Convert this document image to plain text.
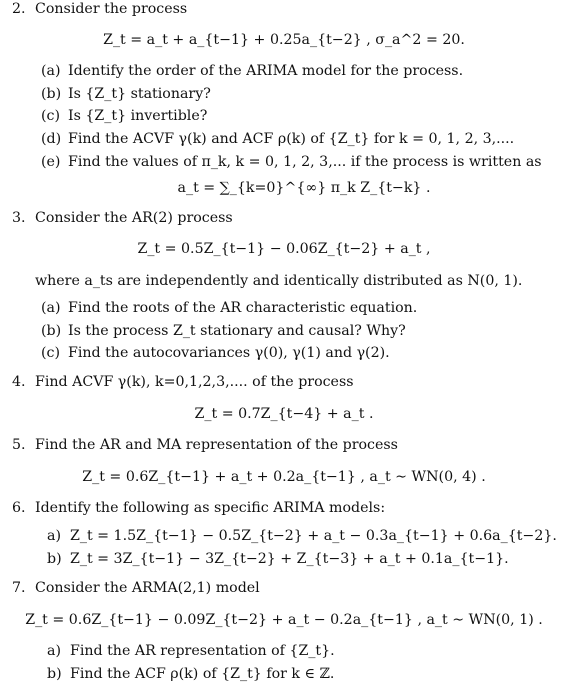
2. Consider the process
Z_t = a_t + a_{t−1} + 0.25a_{t−2} , σ_a^2 = 20.
(a) Identify the order of the ARIMA model for the process.
(b) Is {Z_t} stationary?
(c) Is {Z_t} invertible?
(d) Find the ACVF γ(k) and ACF ρ(k) of {Z_t} for k = 0, 1, 2, 3,....
(e) Find the values of π_k, k = 0, 1, 2, 3,... if the process is written as
a_t = ∑_{k=0}^{∞} π_k Z_{t−k} .
3. Consider the AR(2) process
Z_t = 0.5Z_{t−1} − 0.06Z_{t−2} + a_t ,
where a_ts are independently and identically distributed as N(0, 1).
(a) Find the roots of the AR characteristic equation.
(b) Is the process Z_t stationary and causal? Why?
(c) Find the autocovariances γ(0), γ(1) and γ(2).
4. Find ACVF γ(k), k=0,1,2,3,.... of the process
Z_t = 0.7Z_{t−4} + a_t .
5. Find the AR and MA representation of the process
Z_t = 0.6Z_{t−1} + a_t + 0.2a_{t−1} , a_t ∼ WN(0, 4) .
6. Identify the following as specific ARIMA models:
a) Z_t = 1.5Z_{t−1} − 0.5Z_{t−2} + a_t − 0.3a_{t−1} + 0.6a_{t−2}.
b) Z_t = 3Z_{t−1} − 3Z_{t−2} + Z_{t−3} + a_t + 0.1a_{t−1}.
7. Consider the ARMA(2,1) model
Z_t = 0.6Z_{t−1} − 0.09Z_{t−2} + a_t − 0.2a_{t−1} , a_t ∼ WN(0, 1) .
a) Find the AR representation of {Z_t}.
b) Find the ACF ρ(k) of {Z_t} for k ∈ ℤ.
